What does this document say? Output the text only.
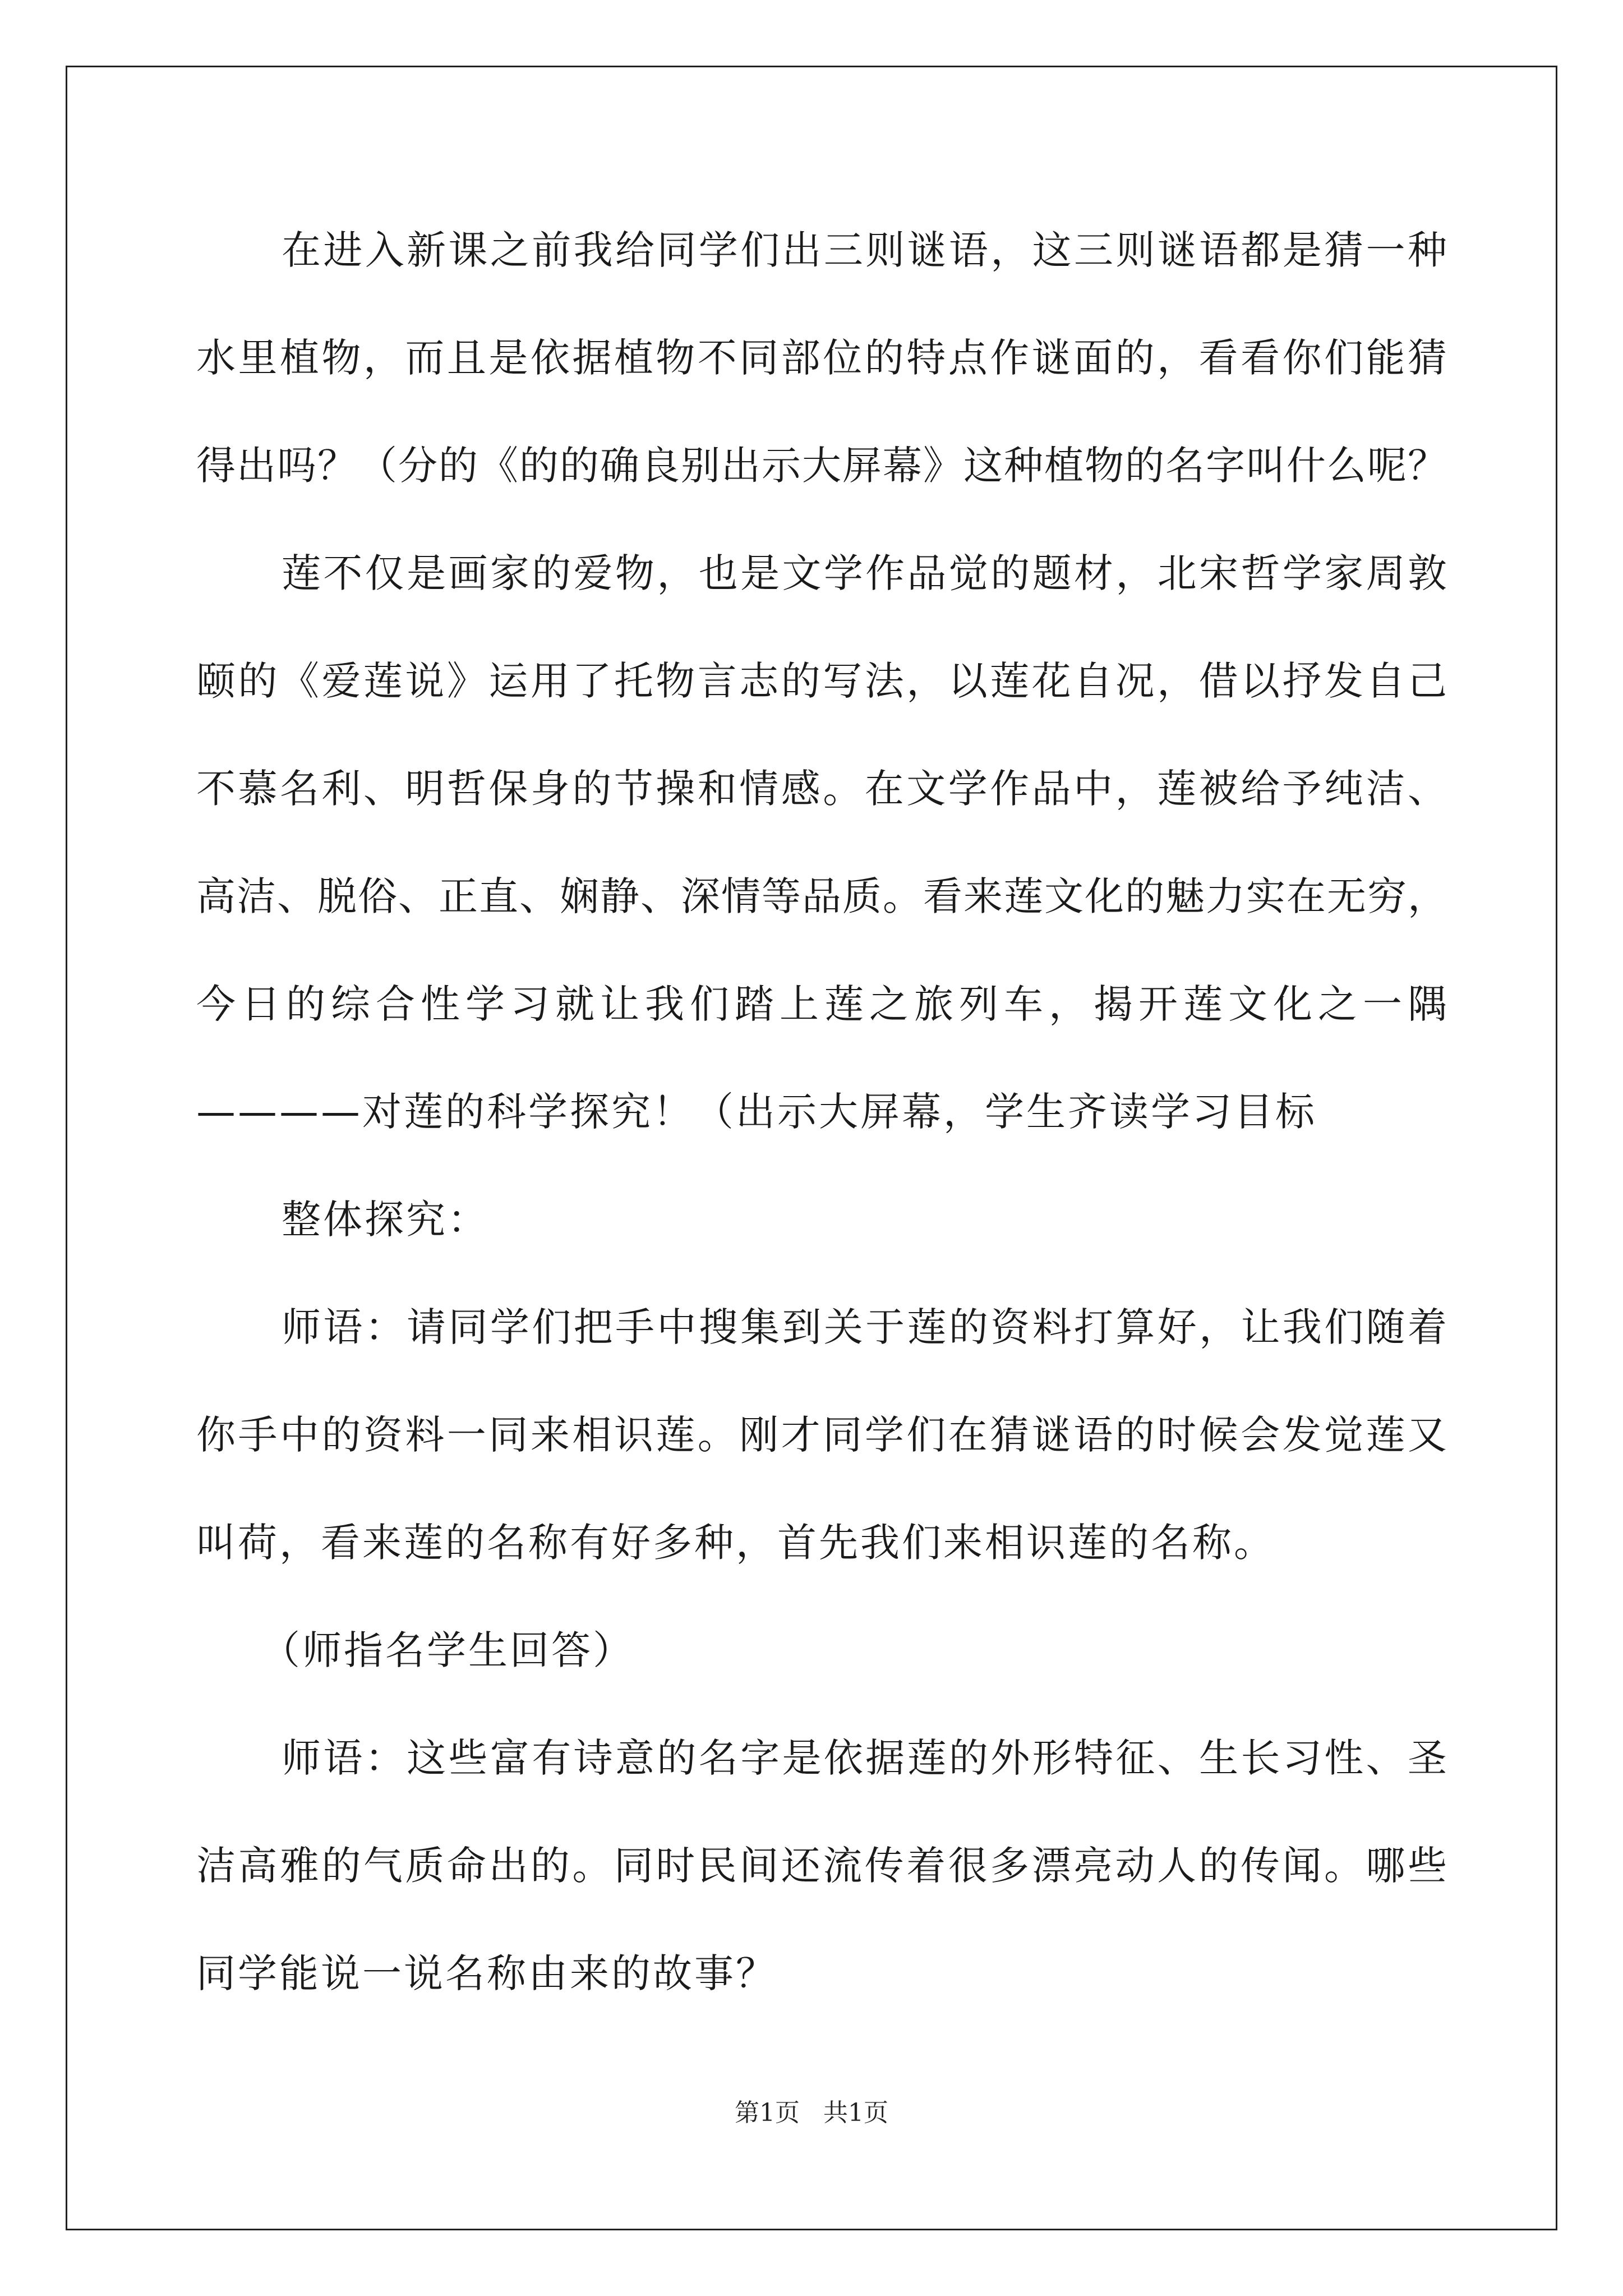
在进入新课之前我给同学们出三则谜语，这三则谜语都是猜一种
水里植物，而且是依据植物不同部位的特点作谜面的，看看你们能猜
得出吗？（分的《的的确良别出示大屏幕》这种植物的名字叫什么呢？
莲不仅是画家的爱物，也是文学作品觉的题材，北宋哲学家周敦
颐的《爱莲说》运用了托物言志的写法，以莲花自况，借以抒发自己
不慕名利、明哲保身的节操和情感。在文学作品中，莲被给予纯洁、
高洁、脱俗、正直、娴静、深情等品质。看来莲文化的魅力实在无穷，
今日的综合性学习就让我们踏上莲之旅列车，揭开莲文化之一隅
————对莲的科学探究！（出示大屏幕，学生齐读学习目标
整体探究：
师语：请同学们把手中搜集到关于莲的资料打算好，让我们随着
你手中的资料一同来相识莲。刚才同学们在猜谜语的时候会发觉莲又
叫荷，看来莲的名称有好多种，首先我们来相识莲的名称。
（师指名学生回答）
师语：这些富有诗意的名字是依据莲的外形特征、生长习性、圣
洁高雅的气质命出的。同时民间还流传着很多漂亮动人的传闻。哪些
同学能说一说名称由来的故事？
第1页   共1页
